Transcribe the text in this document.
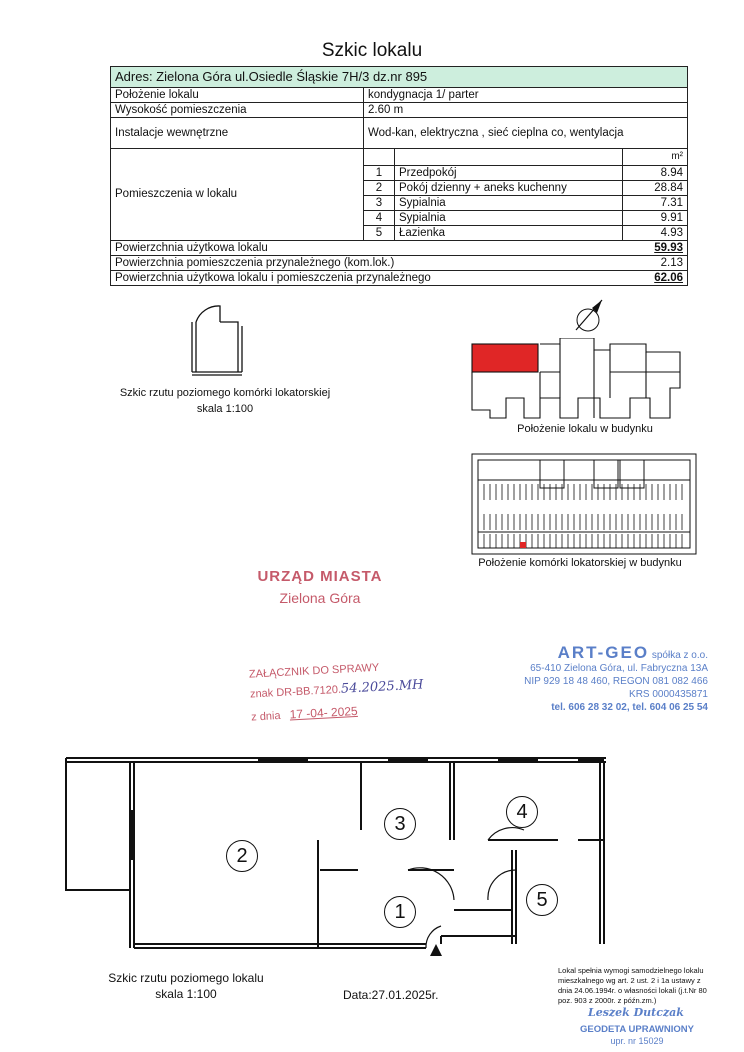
Szkic lokalu
Adres: Zielona Góra ul.Osiedle Śląskie 7H/3 dz.nr 895
Położenie lokalu	kondygnacja 1/ parter
Wysokość pomieszczenia	2.60 m
Instalacje wewnętrzne	Wod-kan, elektryczna , sieć cieplna co, wentylacja
Pomieszczenia w lokalu	
		m²
1	Przedpokój	8.94
2	Pokój dzienny + aneks kuchenny	28.84
3	Sypialnia	7.31
4	Sypialnia	9.91
5	Łazienka	4.93

Powierzchnia użytkowa lokalu	59.93
Powierzchnia pomieszczenia przynależnego (kom.lok.)	2.13

Powierzchnia użytkowa lokalu i pomieszczenia przynależnego	62.06
Szkic rzutu poziomego komórki lokatorskiej
skala 1:100
Położenie lokalu w budynku
Położenie komórki lokatorskiej w budynku
URZĄD MIASTA
Zielona Góra
ZAŁĄCZNIK DO SPRAWY
znak DR-BB.7120.54.2025.MH
z dnia 17 -04- 2025
ART-GEO spółka z o.o.
65-410 Zielona Góra, ul. Fabryczna 13A
NIP 929 18 48 460, REGON 081 082 466
KRS 0000435871
tel. 606 28 32 02, tel. 604 06 25 54
2
3
4
1
5
Szkic rzutu poziomego lokalu
skala 1:100	Data:27.01.2025r.
Lokal spełnia wymogi samodzielnego lokalu mieszkalnego wg art. 2 ust. 2 i 1a ustawy z dnia 24.06.1994r. o własności lokali (j.t.Nr 80 poz. 903 z 2000r. z późn.zm.)
Leszek Dutczak
GEODETA UPRAWNIONY
upr. nr 15029
